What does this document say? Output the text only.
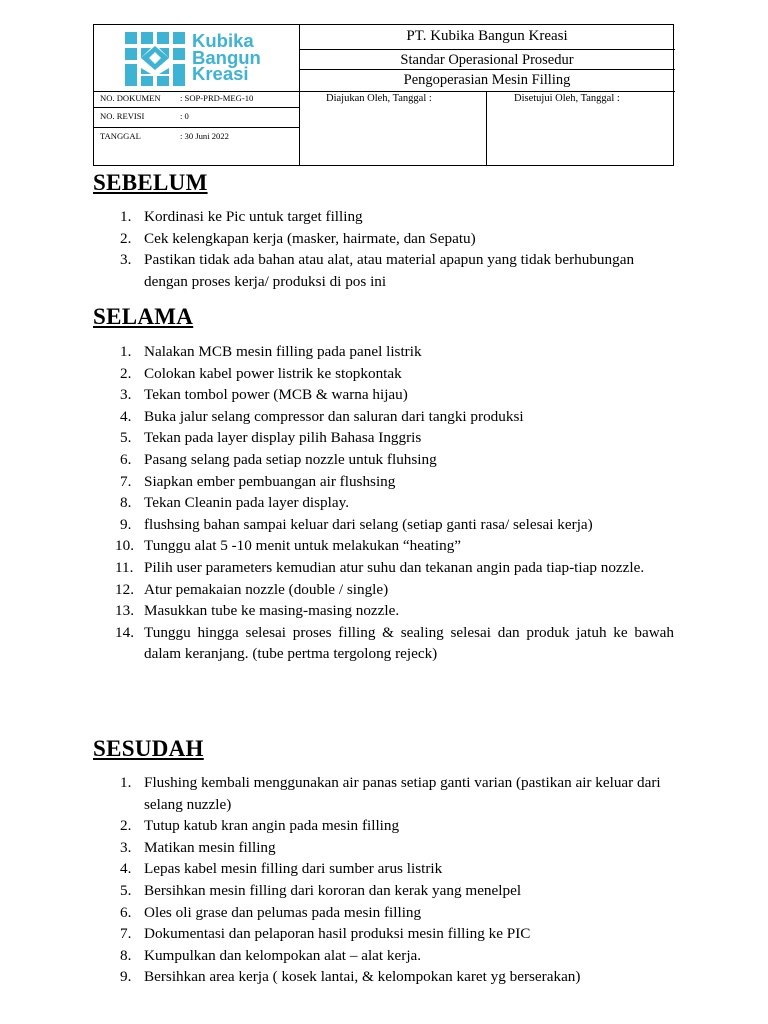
Kubika
Bangun
Kreasi
NO. DOKUMEN : SOP-PRD-MEG-10
NO. REVISI	: 0
TANGGAL	: 30 Juni 2022
PT. Kubika Bangun Kreasi
Standar Operasional Prosedur
Pengoperasian Mesin Filling
Diajukan Oleh, Tanggal :	Disetujui Oleh, Tanggal :
SEBELUM
1. Kordinasi ke Pic untuk target filling
2. Cek kelengkapan kerja (masker, hairmate, dan Sepatu)
3. Pastikan tidak ada bahan atau alat, atau material apapun yang tidak berhubungan dengan proses kerja/ produksi di pos ini
SELAMA
1. Nalakan MCB mesin filling pada panel listrik
2. Colokan kabel power listrik ke stopkontak
3. Tekan tombol power (MCB & warna hijau)
4. Buka jalur selang compressor dan saluran dari tangki produksi
5. Tekan pada layer display pilih Bahasa Inggris
6. Pasang selang pada setiap nozzle untuk fluhsing
7. Siapkan ember pembuangan air flushsing
8. Tekan Cleanin pada layer display.
9. flushsing bahan sampai keluar dari selang (setiap ganti rasa/ selesai kerja)
10. Tunggu alat 5 -10 menit untuk melakukan “heating”
11. Pilih user parameters kemudian atur suhu dan tekanan angin pada tiap-tiap nozzle.
12. Atur pemakaian nozzle (double / single)
13. Masukkan tube ke masing-masing nozzle.
14. Tunggu hingga selesai proses filling & sealing selesai dan produk jatuh ke bawah dalam keranjang. (tube pertma tergolong rejeck)
SESUDAH
1. Flushing kembali menggunakan air panas setiap ganti varian (pastikan air keluar dari selang nuzzle)
2. Tutup katub kran angin pada mesin filling
3. Matikan mesin filling
4. Lepas kabel mesin filling dari sumber arus listrik
5. Bersihkan mesin filling dari kororan dan kerak yang menelpel
6. Oles oli grase dan pelumas pada mesin filling
7. Dokumentasi dan pelaporan hasil produksi mesin filling ke PIC
8. Kumpulkan dan kelompokan alat – alat kerja.
9. Bersihkan area kerja ( kosek lantai, & kelompokan karet yg berserakan)
